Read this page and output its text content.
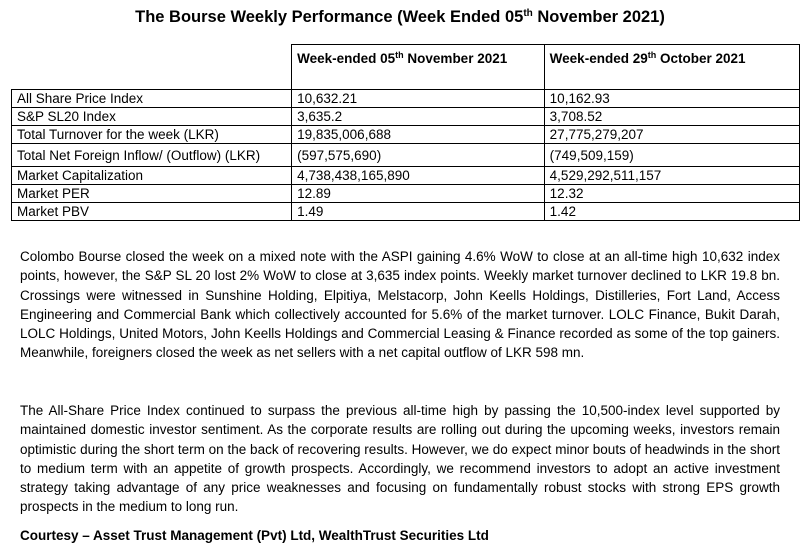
The Bourse Weekly Performance (Week Ended 05th November 2021)
	Week-ended 05th November 2021	Week-ended 29th October 2021
All Share Price Index	10,632.21	10,162.93
S&P SL20 Index	3,635.2	3,708.52
Total Turnover for the week (LKR)	19,835,006,688	27,775,279,207
Total Net Foreign Inflow/ (Outflow) (LKR)	(597,575,690)	(749,509,159)
Market Capitalization	4,738,438,165,890	4,529,292,511,157
Market PER	12.89	12.32
Market PBV	1.49	1.42

Colombo Bourse closed the week on a mixed note with the ASPI gaining 4.6% WoW to close at an all-time high 10,632 index points, however, the S&P SL 20 lost 2% WoW to close at 3,635 index points. Weekly market turnover declined to LKR 19.8 bn. Crossings were witnessed in Sunshine Holding, Elpitiya, Melstacorp, John Keells Holdings, Distilleries, Fort Land, Access Engineering and Commercial Bank which collectively accounted for 5.6% of the market turnover. LOLC Finance, Bukit Darah, LOLC Holdings, United Motors, John Keells Holdings and Commercial Leasing & Finance recorded as some of the top gainers. Meanwhile, foreigners closed the week as net sellers with a net capital outflow of LKR 598 mn.

The All-Share Price Index continued to surpass the previous all-time high by passing the 10,500-index level supported by maintained domestic investor sentiment. As the corporate results are rolling out during the upcoming weeks, investors remain optimistic during the short term on the back of recovering results. However, we do expect minor bouts of headwinds in the short to medium term with an appetite of growth prospects. Accordingly, we recommend investors to adopt an active investment strategy taking advantage of any price weaknesses and focusing on fundamentally robust stocks with strong EPS growth prospects in the medium to long run.

Courtesy – Asset Trust Management (Pvt) Ltd, WealthTrust Securities Ltd
